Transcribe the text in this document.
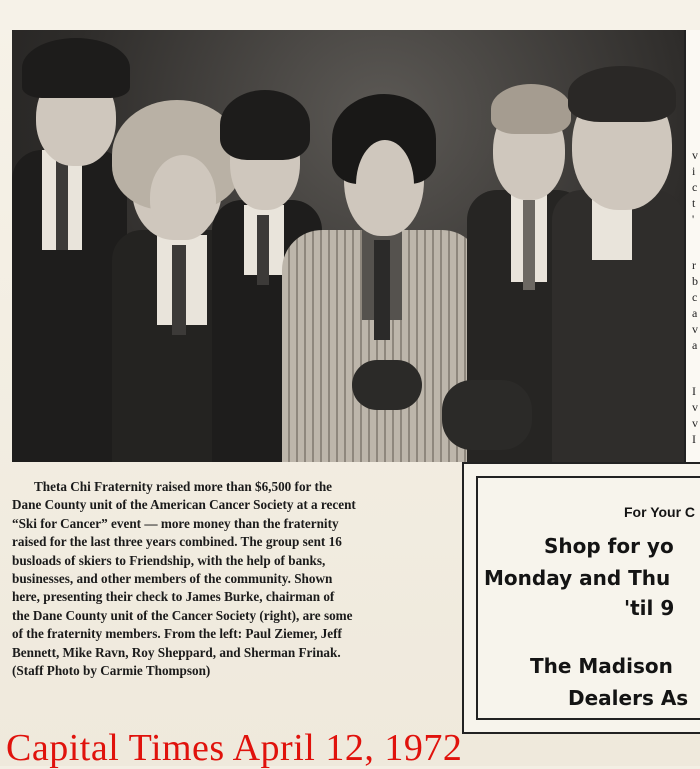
v
i
c
t
'
r
b
c
a
v
a
I
v
v
I

Theta Chi Fraternity raised more than $6,500 for the

Dane County unit of the American Cancer Society at a recent

“Ski for Cancer” event — more money than the fraternity

raised for the last three years combined. The group sent 16

busloads of skiers to Friendship, with the help of banks,

businesses, and other members of the community. Shown

here, presenting their check to James Burke, chairman of

the Dane County unit of the Cancer Society (right), are some

of the fraternity members. From the left: Paul Ziemer, Jeff

Bennett, Mike Ravn, Roy Sheppard, and Sherman Frinak.

(Staff Photo by Carmie Thompson)

For Your C
Shop for yo
Monday and Thu
'til 9
The Madison
Dealers As
Capital Times April 12, 1972
